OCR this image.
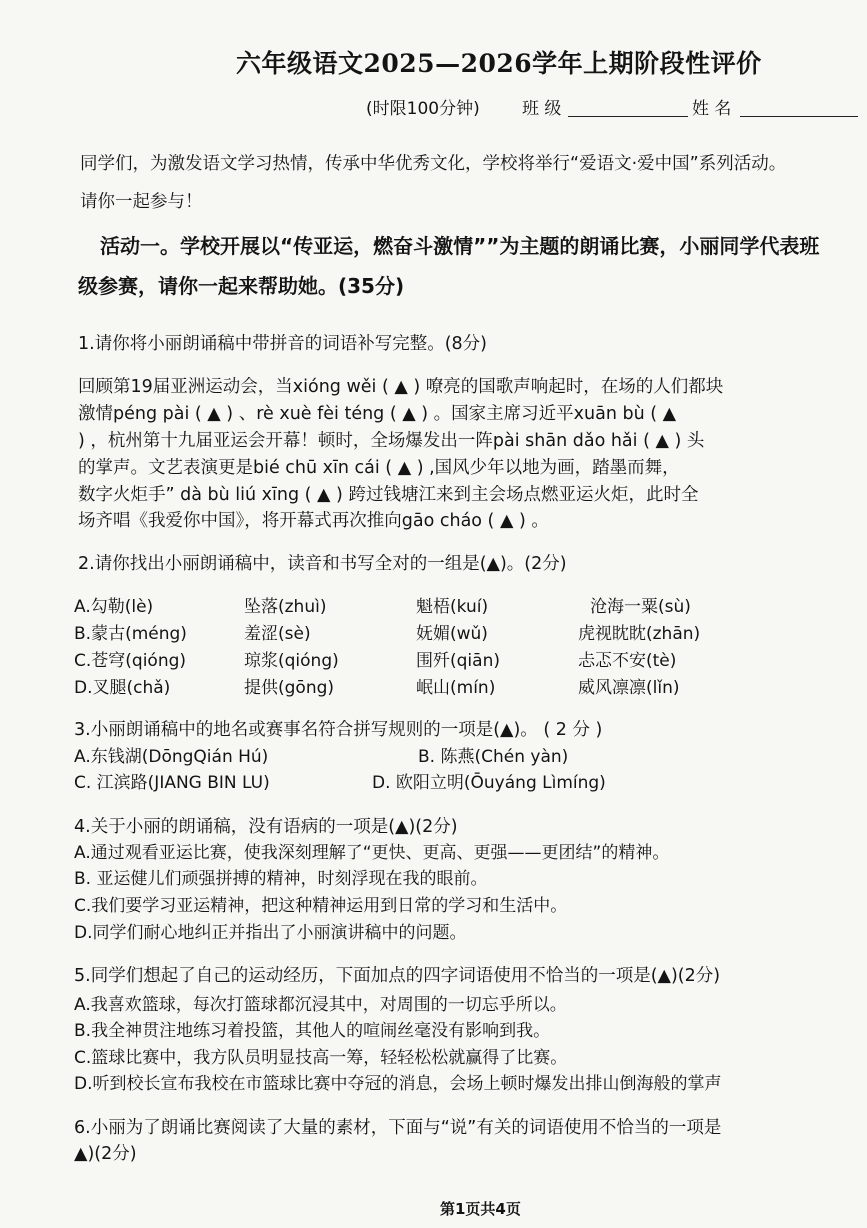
六年级语文2025—2026学年上期阶段性评价
(时限100分钟) 班 级	姓 名
同学们，为激发语文学习热情，传承中华优秀文化，学校将举行“爱语文·爱中国”系列活动。
请你一起参与！
活动一。学校开展以“传亚运，燃奋斗激情””为主题的朗诵比赛，小丽同学代表班
级参赛，请你一起来帮助她。(35分)
1.请你将小丽朗诵稿中带拼音的词语补写完整。(8分)
回顾第19届亚洲运动会，当xióng wěi ( ▲ ) 嘹亮的国歌声响起时，在场的人们都块
激情péng pài ( ▲ ) 、rè xuè fèi téng ( ▲ ) 。国家主席习近平xuān bù ( ▲
) ，杭州第十九届亚运会开幕！顿时，全场爆发出一阵pài shān dǎo hǎi ( ▲ ) 头
的掌声。文艺表演更是bié chū xīn cái ( ▲ ) ,国风少年以地为画，踏墨而舞，
数字火炬手” dà bù liú xīng ( ▲ ) 跨过钱塘江来到主会场点燃亚运火炬，此时全
场齐唱《我爱你中国》，将开幕式再次推向gāo cháo ( ▲ ) 。
2.请你找出小丽朗诵稿中，读音和书写全对的一组是(▲)。(2分)
A.勾勒(lè)	坠落(zhuì)	魁梧(kuí)	沧海一粟(sù)
B.蒙古(méng)	羞涩(sè)	妩媚(wǔ)	虎视眈眈(zhān)
C.苍穹(qióng)	琼浆(qióng)	围歼(qiān)	忐忑不安(tè)
D.叉腿(chǎ)	提供(gōng)	岷山(mín)	威风凛凛(lǐn)
3.小丽朗诵稿中的地名或赛事名符合拼写规则的一项是(▲)。 ( 2 分 )
A.东钱湖(DōngQián Hú)	B. 陈燕(Chén yàn)
C. 江滨路(JIANG BIN LU)	D. 欧阳立明(Ōuyáng Lìmíng)
4.关于小丽的朗诵稿，没有语病的一项是(▲)(2分)
A.通过观看亚运比赛，使我深刻理解了“更快、更高、更强——更团结”的精神。
B. 亚运健儿们顽强拼搏的精神，时刻浮现在我的眼前。
C.我们要学习亚运精神，把这种精神运用到日常的学习和生活中。
D.同学们耐心地纠正并指出了小丽演讲稿中的问题。
5.同学们想起了自己的运动经历，下面加点的四字词语使用不恰当的一项是(▲)(2分)
A.我喜欢篮球，每次打篮球都沉浸其中，对周围的一切忘乎所以。
B.我全神贯注地练习着投篮，其他人的喧闹丝毫没有影响到我。
C.篮球比赛中，我方队员明显技高一筹，轻轻松松就赢得了比赛。
D.听到校长宣布我校在市篮球比赛中夺冠的消息，会场上顿时爆发出排山倒海般的掌声
6.小丽为了朗诵比赛阅读了大量的素材，下面与“说”有关的词语使用不恰当的一项是
▲)(2分)
第1页共4页
